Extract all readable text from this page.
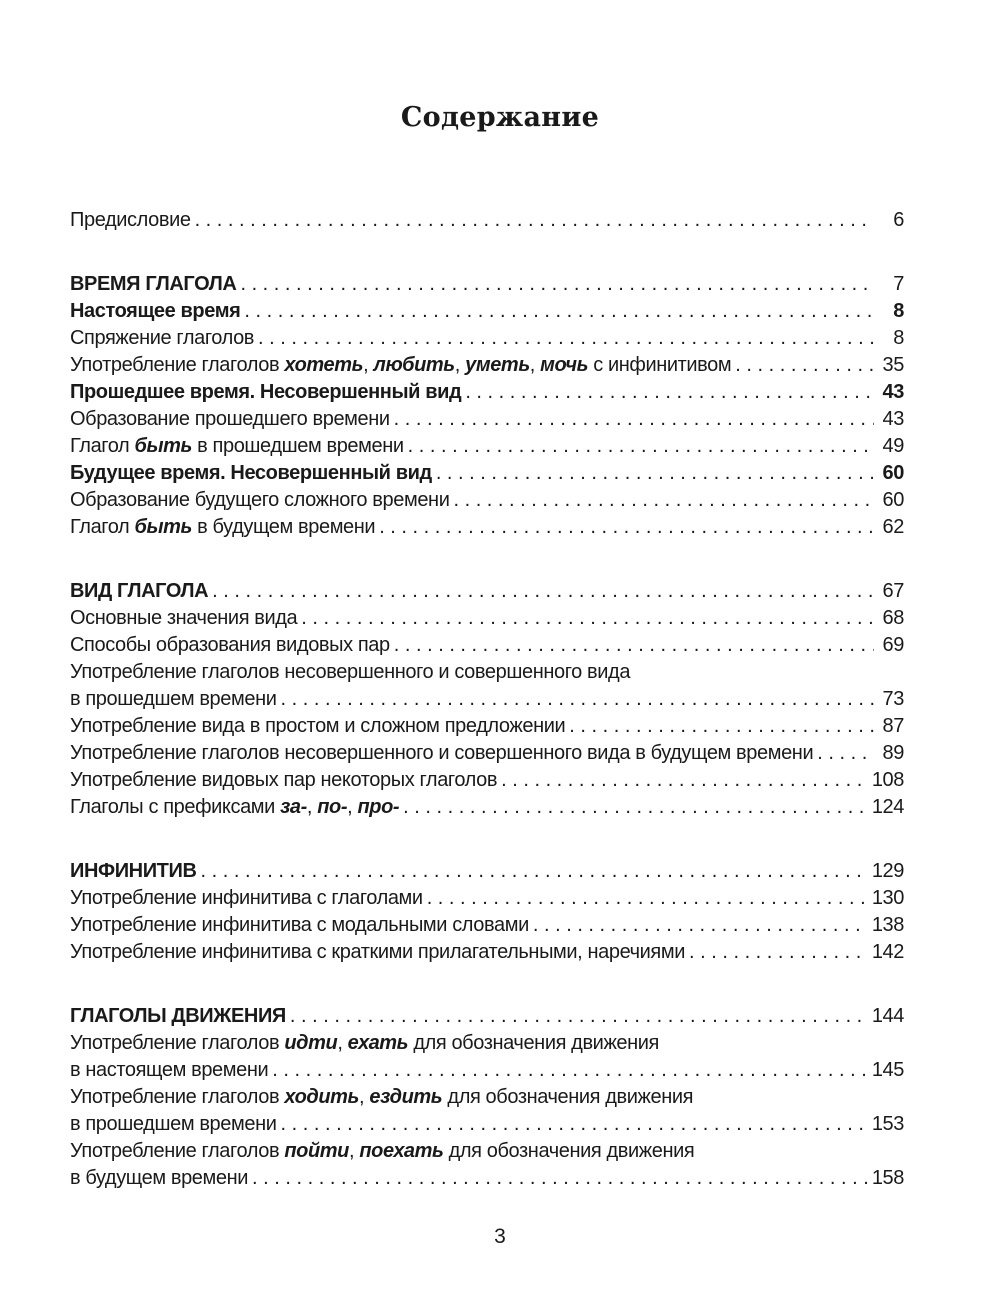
Содержание
Предисловие . . .	6
ВРЕМЯ ГЛАГОЛА . . .	7
Настоящее время . . .	8
Спряжение глаголов . . .	8
Употребление глаголов хотеть, любить, уметь, мочь с инфинитивом . . .	35
Прошедшее время. Несовершенный вид . . .	43
Образование прошедшего времени . . .	43
Глагол быть в прошедшем времени . . .	49
Будущее время. Несовершенный вид . . .	60
Образование будущего сложного времени . . .	60
Глагол быть в будущем времени . . .	62
ВИД ГЛАГОЛА . . .	67
Основные значения вида . . .	68
Способы образования видовых пар . . .	69
Употребление глаголов несовершенного и совершенного вида
в прошедшем времени . . .	73
Употребление вида в простом и сложном предложении . . .	87
Употребление глаголов несовершенного и совершенного вида в будущем времени . . .	89
Употребление видовых пар некоторых глаголов . . .	108
Глаголы с префиксами за-, по-, про- . . .	124
ИНФИНИТИВ . . .	129
Употребление инфинитива с глаголами . . .	130
Употребление инфинитива с модальными словами . . .	138
Употребление инфинитива с краткими прилагательными, наречиями . . .	142
ГЛАГОЛЫ ДВИЖЕНИЯ . . .	144
Употребление глаголов идти, ехать для обозначения движения
в настоящем времени . . .	145
Употребление глаголов ходить, ездить для обозначения движения
в прошедшем времени . . .	153
Употребление глаголов пойти, поехать для обозначения движения
в будущем времени . . .	158
3
